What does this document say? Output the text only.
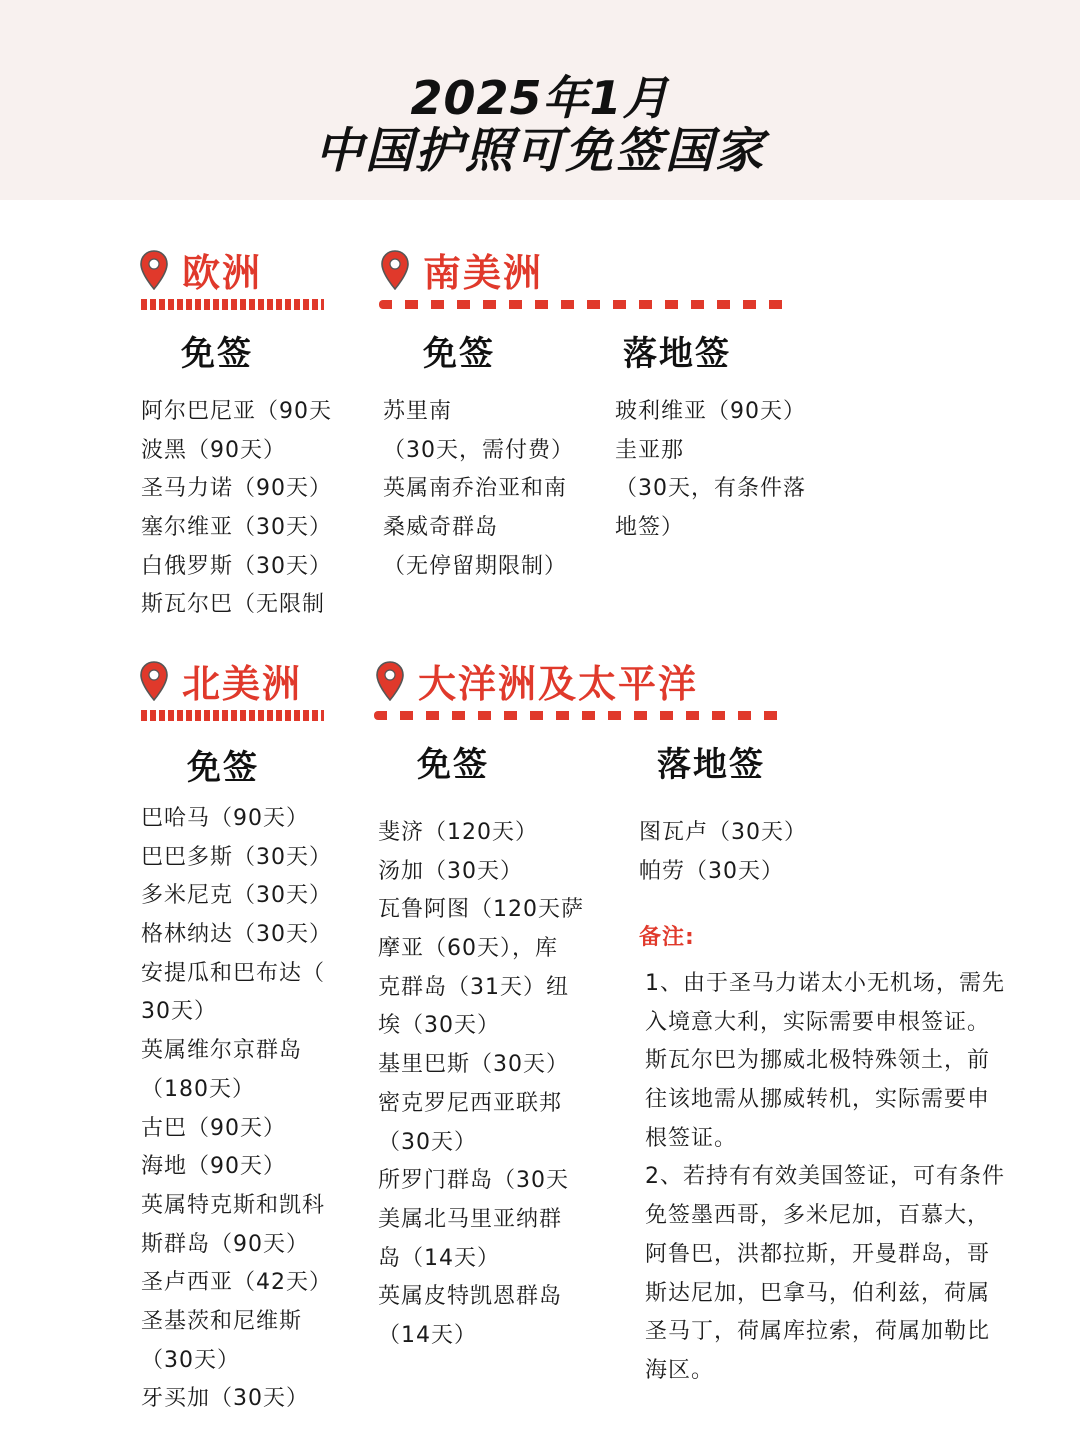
2025年1月
中国护照可免签国家
欧洲
免签
阿尔巴尼亚（90天
波黑（90天）
圣马力诺（90天）
塞尔维亚（30天）
白俄罗斯（30天）
斯瓦尔巴（无限制
南美洲
免签	落地签
苏里南
（30天，需付费）
英属南乔治亚和南
桑威奇群岛
（无停留期限制）
玻利维亚（90天）
圭亚那
（30天，有条件落
地签）
北美洲
免签
巴哈马（90天）
巴巴多斯（30天）
多米尼克（30天）
格林纳达（30天）
安提瓜和巴布达（
30天）
英属维尔京群岛
（180天）
古巴（90天）
海地（90天）
英属特克斯和凯科
斯群岛（90天）
圣卢西亚（42天）
圣基茨和尼维斯
（30天）
牙买加（30天）
大洋洲及太平洋
免签	落地签
斐济（120天）
汤加（30天）
瓦鲁阿图（120天萨
摩亚（60天），库
克群岛（31天）纽
埃（30天）
基里巴斯（30天）
密克罗尼西亚联邦
（30天）
所罗门群岛（30天
美属北马里亚纳群
岛（14天）
英属皮特凯恩群岛
（14天）
图瓦卢（30天）
帕劳（30天）
备注:
1、由于圣马力诺太小无机场，需先
入境意大利，实际需要申根签证。
斯瓦尔巴为挪威北极特殊领土，前
往该地需从挪威转机，实际需要申
根签证。
2、若持有有效美国签证，可有条件
免签墨西哥，多米尼加，百慕大，
阿鲁巴，洪都拉斯，开曼群岛，哥
斯达尼加，巴拿马，伯利兹，荷属
圣马丁，荷属库拉索，荷属加勒比
海区。
